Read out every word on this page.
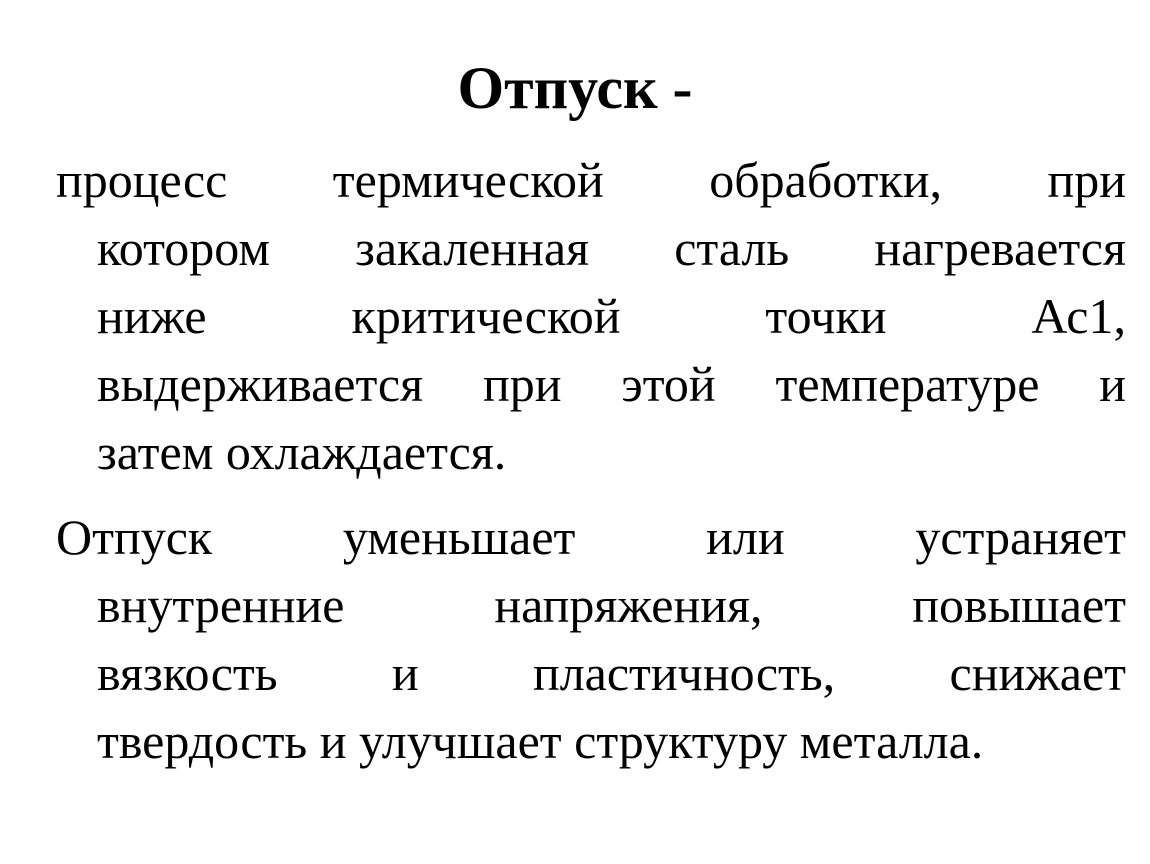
Отпуск -
процесс термической обработки, при
котором закаленная сталь нагревается
ниже критической точки Ас1,
выдерживается при этой температуре и
затем охлаждается.
Отпуск уменьшает или устраняет
внутренние напряжения, повышает
вязкость и пластичность, снижает
твердость и улучшает структуру металла.
